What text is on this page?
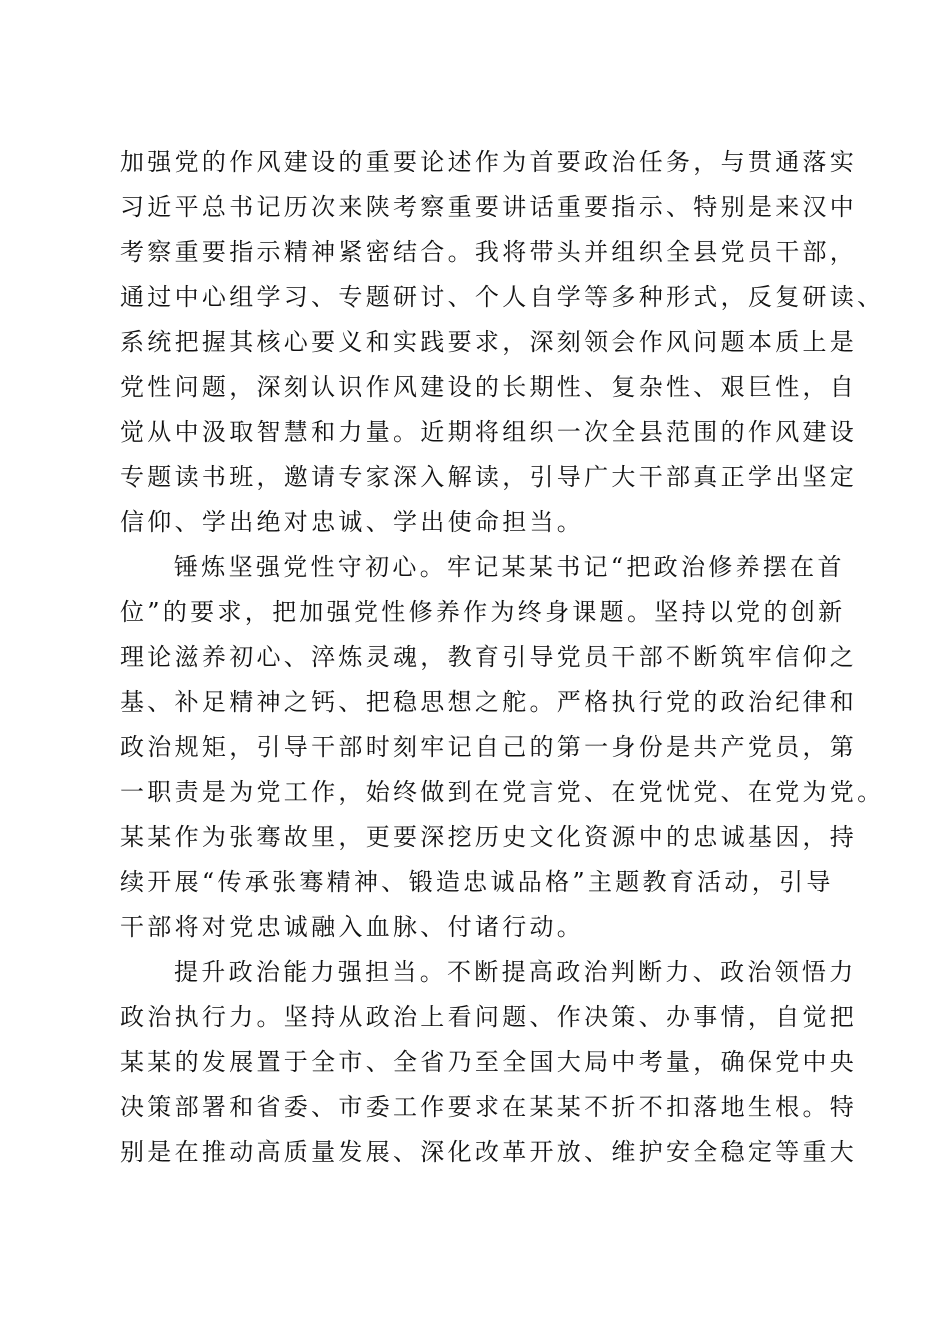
加强党的作风建设的重要论述作为首要政治任务，与贯通落实
习近平总书记历次来陕考察重要讲话重要指示、特别是来汉中
考察重要指示精神紧密结合。我将带头并组织全县党员干部，
通过中心组学习、专题研讨、个人自学等多种形式，反复研读、
系统把握其核心要义和实践要求，深刻领会作风问题本质上是
党性问题，深刻认识作风建设的长期性、复杂性、艰巨性，自
觉从中汲取智慧和力量。近期将组织一次全县范围的作风建设
专题读书班，邀请专家深入解读，引导广大干部真正学出坚定
信仰、学出绝对忠诚、学出使命担当。
锤炼坚强党性守初心。牢记某某书记“把政治修养摆在首
位”的要求，把加强党性修养作为终身课题。坚持以党的创新
理论滋养初心、淬炼灵魂，教育引导党员干部不断筑牢信仰之
基、补足精神之钙、把稳思想之舵。严格执行党的政治纪律和
政治规矩，引导干部时刻牢记自己的第一身份是共产党员，第
一职责是为党工作，始终做到在党言党、在党忧党、在党为党。
某某作为张骞故里，更要深挖历史文化资源中的忠诚基因，持
续开展“传承张骞精神、锻造忠诚品格”主题教育活动，引导
干部将对党忠诚融入血脉、付诸行动。
提升政治能力强担当。不断提高政治判断力、政治领悟力
政治执行力。坚持从政治上看问题、作决策、办事情，自觉把
某某的发展置于全市、全省乃至全国大局中考量，确保党中央
决策部署和省委、市委工作要求在某某不折不扣落地生根。特
别是在推动高质量发展、深化改革开放、维护安全稳定等重大
